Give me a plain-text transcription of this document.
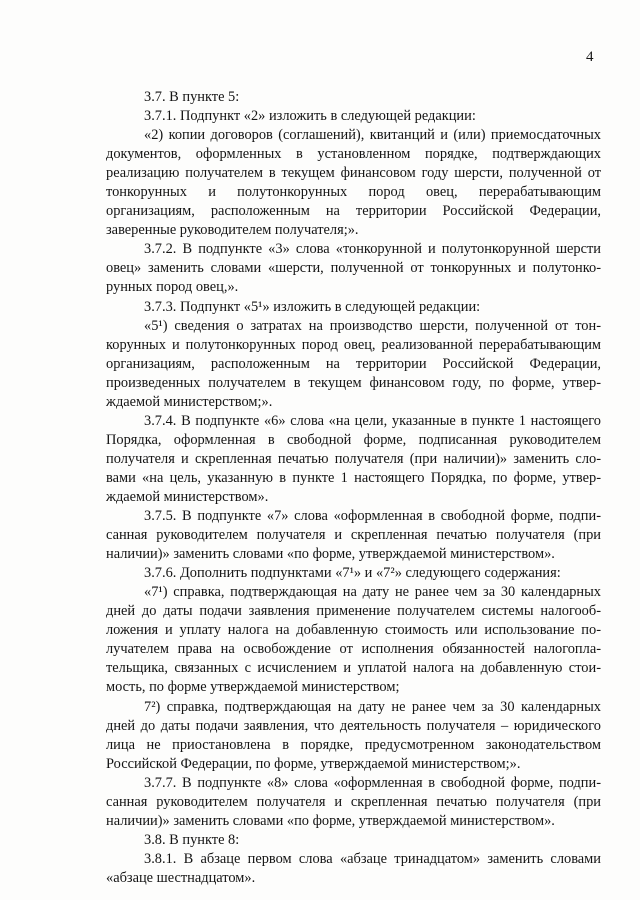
4

3.7. В пункте 5:

3.7.1. Подпункт «2» изложить в следующей редакции:

«2) копии договоров (соглашений), квитанций и (или) приемосдаточных документов, оформленных в установленном порядке, подтверждающих реализацию получателем в текущем финансовом году шерсти, полученной от тонкорунных и полутонкорунных пород овец, перерабатывающим организациям, расположенным на территории Российской Федерации, заверенные руководителем получателя;».

3.7.2. В подпункте «3» слова «тонкорунной и полутонкорунной шерсти овец» заменить словами «шерсти, полученной от тонкорунных и полутонкорунных пород овец,».

3.7.3. Подпункт «5¹» изложить в следующей редакции:

«5¹) сведения о затратах на производство шерсти, полученной от тонкорунных и полутонкорунных пород овец, реализованной перерабатывающим организациям, расположенным на территории Российской Федерации, произведенных получателем в текущем финансовом году, по форме, утверждаемой министерством;».

3.7.4. В подпункте «6» слова «на цели, указанные в пункте 1 настоящего Порядка, оформленная в свободной форме, подписанная руководителем получателя и скрепленная печатью получателя (при наличии)» заменить словами «на цель, указанную в пункте 1 настоящего Порядка, по форме, утверждаемой министерством».

3.7.5. В подпункте «7» слова «оформленная в свободной форме, подписанная руководителем получателя и скрепленная печатью получателя (при наличии)» заменить словами «по форме, утверждаемой министерством».

3.7.6. Дополнить подпунктами «7¹» и «7²» следующего содержания:

«7¹) справка, подтверждающая на дату не ранее чем за 30 календарных дней до даты подачи заявления применение получателем системы налогообложения и уплату налога на добавленную стоимость или использование получателем права на освобождение от исполнения обязанностей налогоплательщика, связанных с исчислением и уплатой налога на добавленную стоимость, по форме утверждаемой министерством;

7²) справка, подтверждающая на дату не ранее чем за 30 календарных дней до даты подачи заявления, что деятельность получателя – юридического лица не приостановлена в порядке, предусмотренном законодательством Российской Федерации, по форме, утверждаемой министерством;».

3.7.7. В подпункте «8» слова «оформленная в свободной форме, подписанная руководителем получателя и скрепленная печатью получателя (при наличии)» заменить словами «по форме, утверждаемой министерством».

3.8. В пункте 8:

3.8.1. В абзаце первом слова «абзаце тринадцатом» заменить словами «абзаце шестнадцатом».
